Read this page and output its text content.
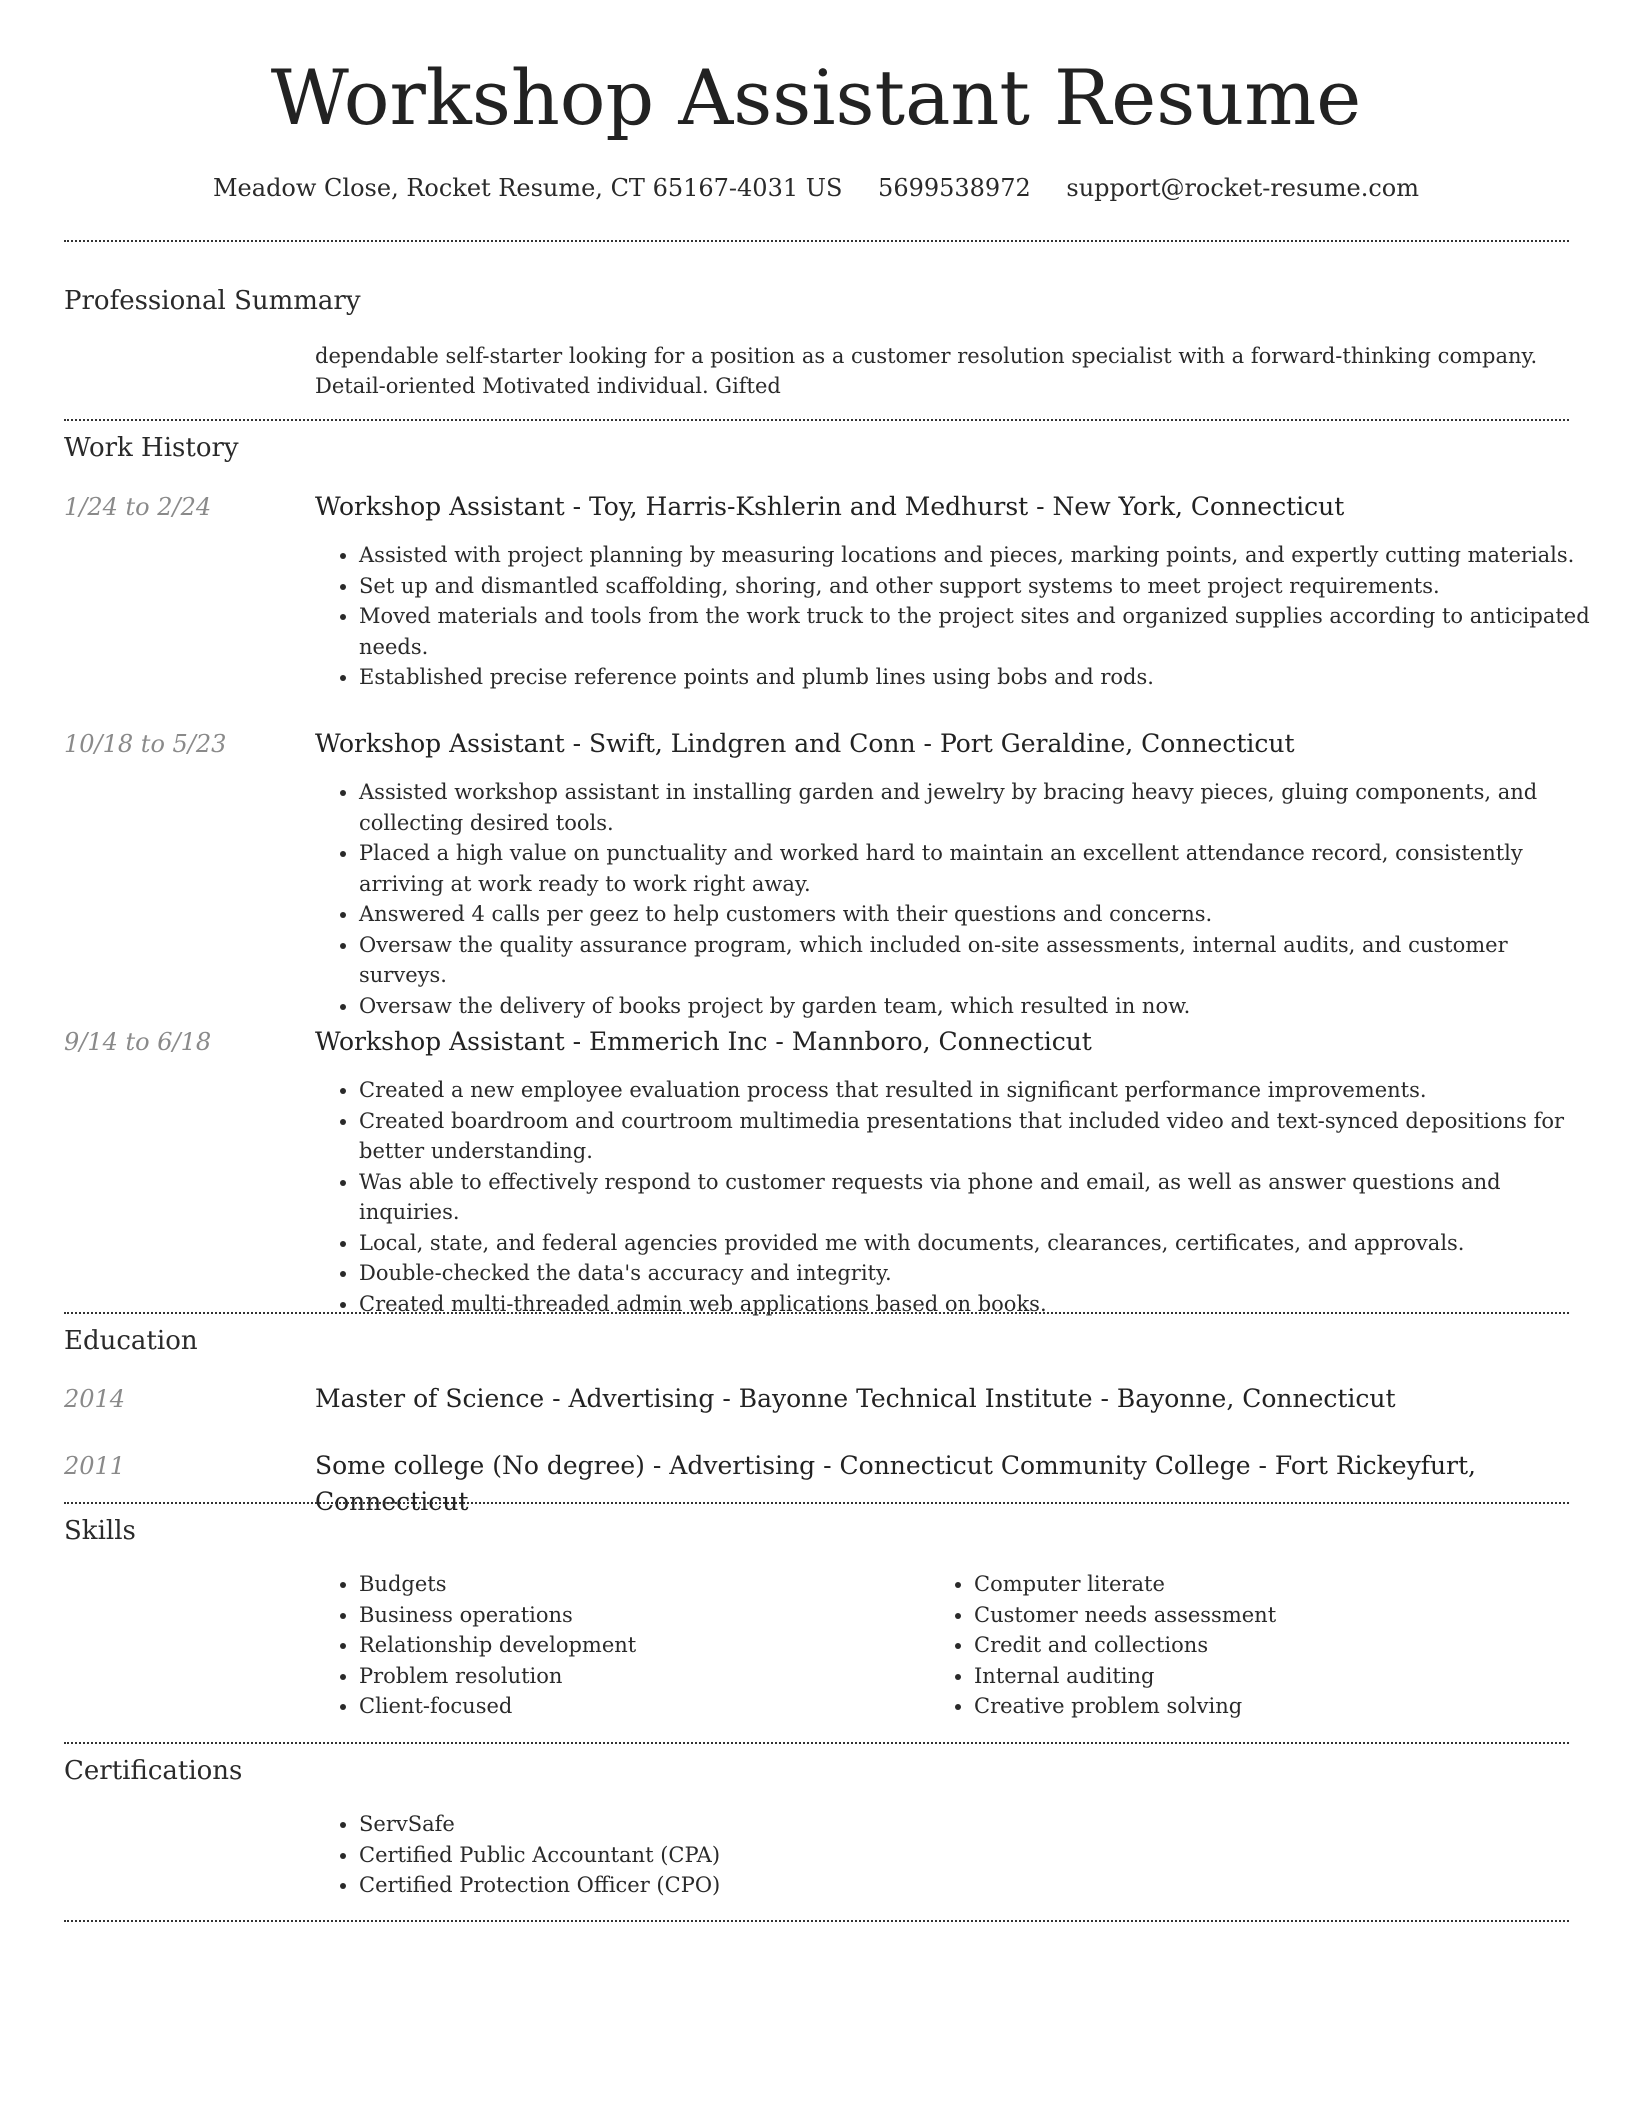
Workshop Assistant Resume
Meadow Close, Rocket Resume, CT 65167-4031 US 5699538972 support@rocket-resume.com
Professional Summary

dependable self-starter looking for a position as a customer resolution specialist with a forward-thinking company. Detail-oriented Motivated individual. Gifted

Work History
1/24 to 2/24	Workshop Assistant - Toy, Harris-Kshlerin and Medhurst - New York, Connecticut
• Assisted with project planning by measuring locations and pieces, marking points, and expertly cutting materials.
• Set up and dismantled scaffolding, shoring, and other support systems to meet project requirements.
• Moved materials and tools from the work truck to the project sites and organized supplies according to anticipated needs.
• Established precise reference points and plumb lines using bobs and rods.
10/18 to 5/23	Workshop Assistant - Swift, Lindgren and Conn - Port Geraldine, Connecticut
• Assisted workshop assistant in installing garden and jewelry by bracing heavy pieces, gluing components, and collecting desired tools.
• Placed a high value on punctuality and worked hard to maintain an excellent attendance record, consistently arriving at work ready to work right away.
• Answered 4 calls per geez to help customers with their questions and concerns.
• Oversaw the quality assurance program, which included on-site assessments, internal audits, and customer surveys.
• Oversaw the delivery of books project by garden team, which resulted in now.
9/14 to 6/18	Workshop Assistant - Emmerich Inc - Mannboro, Connecticut
• Created a new employee evaluation process that resulted in significant performance improvements.
• Created boardroom and courtroom multimedia presentations that included video and text-synced depositions for better understanding.
• Was able to effectively respond to customer requests via phone and email, as well as answer questions and inquiries.
• Local, state, and federal agencies provided me with documents, clearances, certificates, and approvals.
• Double-checked the data's accuracy and integrity.
• Created multi-threaded admin web applications based on books.
Education
2014	Master of Science - Advertising - Bayonne Technical Institute - Bayonne, Connecticut
2011	Some college (No degree) - Advertising - Connecticut Community College - Fort Rickeyfurt, Connecticut
Skills
• Budgets
• Business operations
• Relationship development
• Problem resolution
• Client-focused
• Computer literate
• Customer needs assessment
• Credit and collections
• Internal auditing
• Creative problem solving
Certifications
• ServSafe
• Certified Public Accountant (CPA)
• Certified Protection Officer (CPO)
